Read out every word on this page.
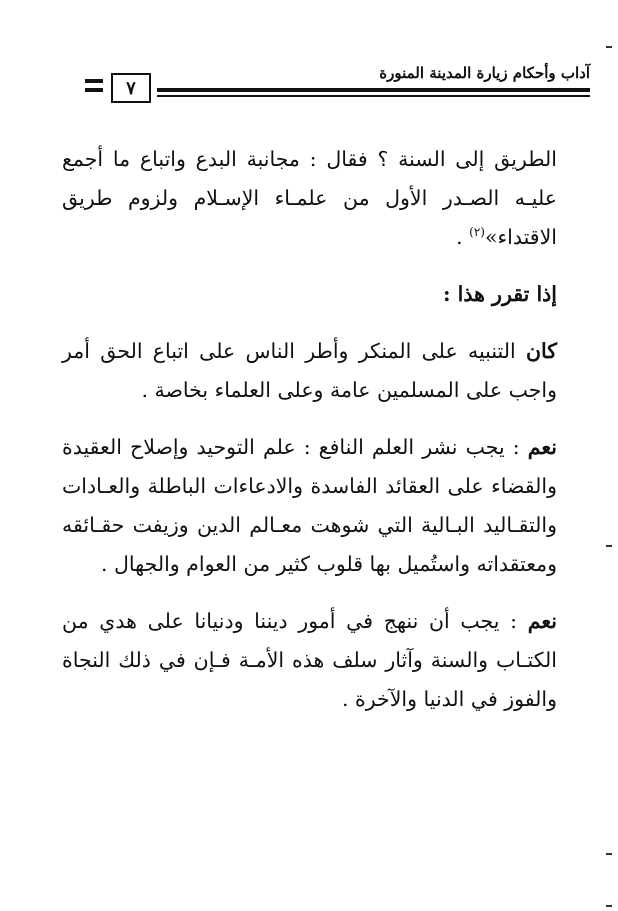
آداب وأحكام زيارة المدينة المنورة
٧

الطريق إلى السنة ؟ فقال : مجانبة البدع واتباع ما أجمع عليـه الصـدر الأول من علمـاء الإسـلام ولزوم طريق الاقتداء»$^{(٢)}$ .

إذا تقرر هذا :

كان التنبيه على المنكر وأطر الناس على اتباع الحق أمر واجب على المسلمين عامة وعلى العلماء بخاصة .

نعم : يجب نشر العلم النافع : علم التوحيد وإصلاح العقيدة والقضاء على العقائد الفاسدة والادعاءات الباطلة والعـادات والتقـاليد البـالية التي شوهت معـالم الدين وزيفت حقـائقه ومعتقداته واستُميل بها قلوب كثير من العوام والجهال .

نعم : يجب أن ننهج في أمور ديننا ودنيانا على هدي من الكتـاب والسنة وآثار سلف هذه الأمـة فـإن في ذلك النجاة والفوز في الدنيا والآخرة .
